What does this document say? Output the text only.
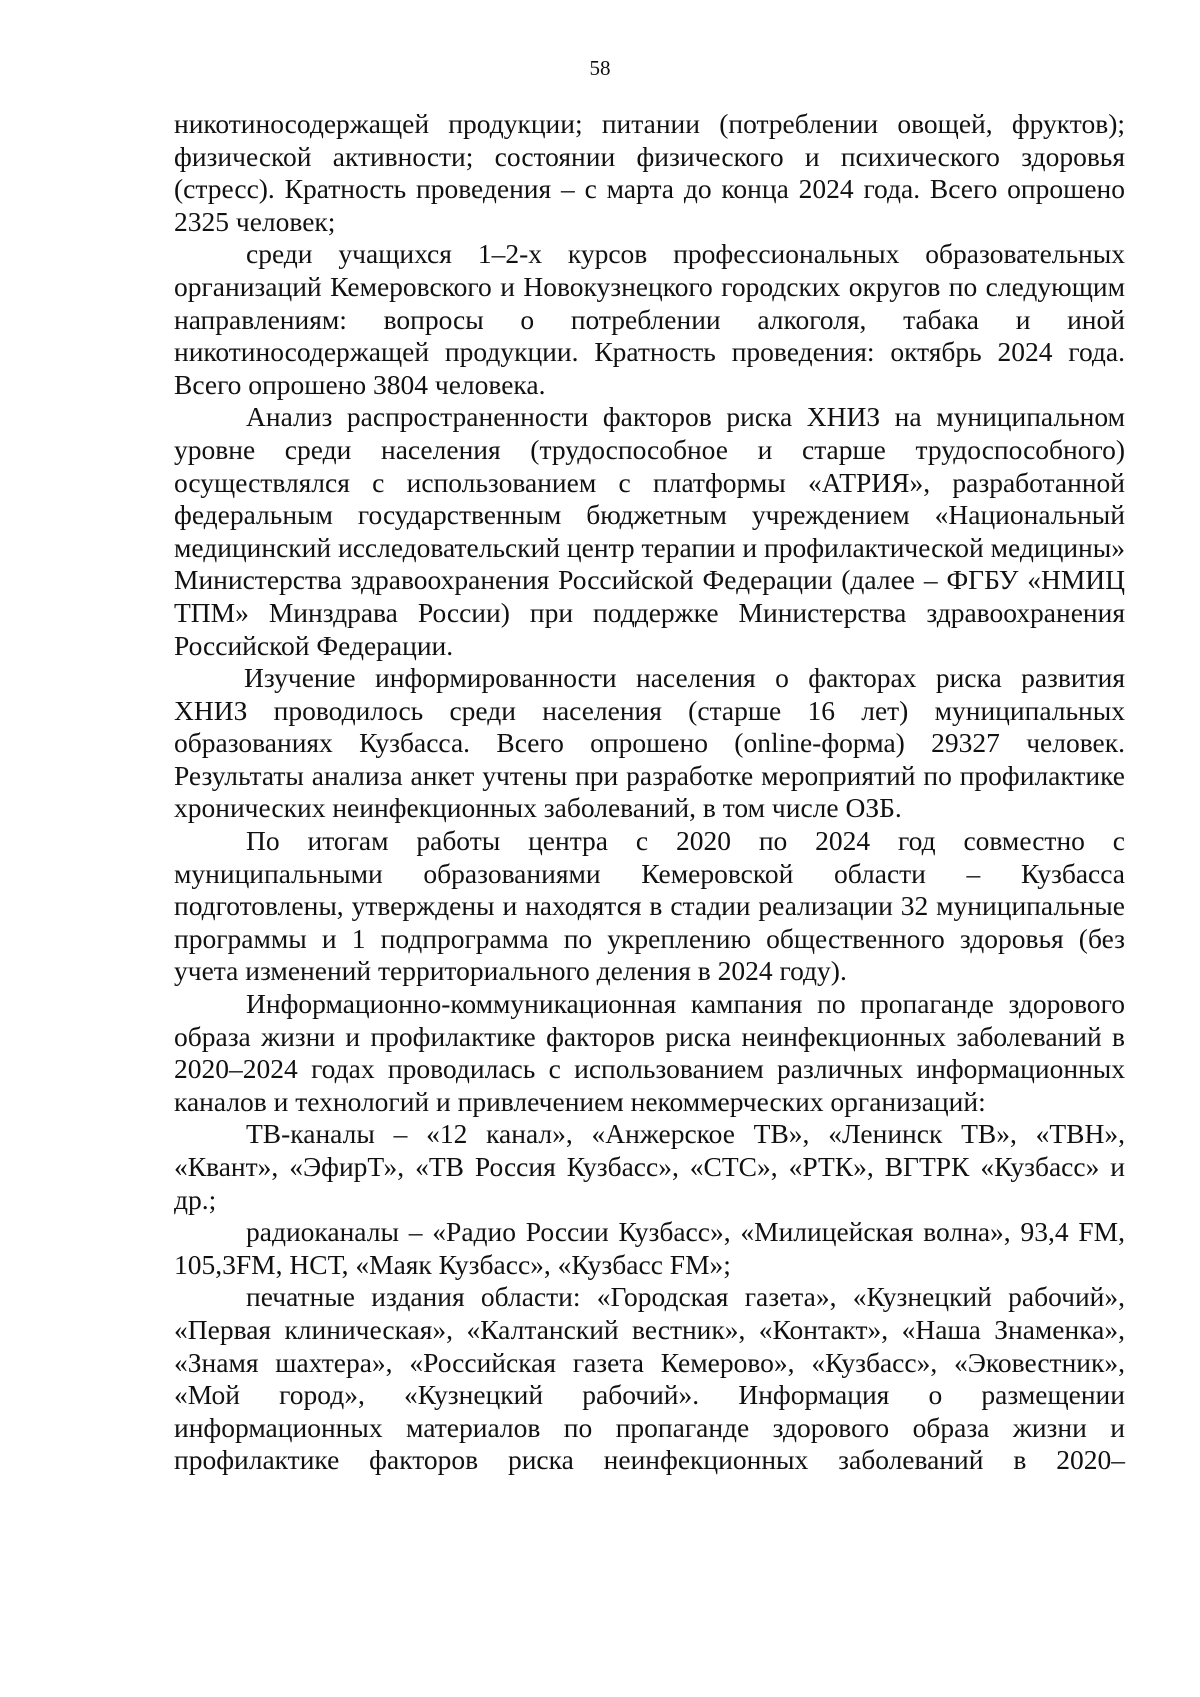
58

никотиносодержащей продукции; питании (потреблении овощей, фруктов); физической активности; состоянии физического и психического здоровья (стресс). Кратность проведения – с марта до конца 2024 года. Всего опрошено 2325 человек;

среди учащихся 1–2-х курсов профессиональных образовательных организаций Кемеровского и Новокузнецкого городских округов по следующим направлениям: вопросы о потреблении алкоголя, табака и иной никотиносодержащей продукции. Кратность проведения: октябрь 2024 года. Всего опрошено 3804 человека.

Анализ распространенности факторов риска ХНИЗ на муниципальном уровне среди населения (трудоспособное и старше трудоспособного) осуществлялся с использованием с платформы «АТРИЯ», разработанной федеральным государственным бюджетным учреждением «Национальный медицинский исследовательский центр терапии и профилактической медицины» Министерства здравоохранения Российской Федерации (далее – ФГБУ «НМИЦ ТПМ» Минздрава России) при поддержке Министерства здравоохранения Российской Федерации.

Изучение информированности населения о факторах риска развития ХНИЗ проводилось среди населения (старше 16 лет) муниципальных образованиях Кузбасса. Всего опрошено (online-форма) 29327 человек. Результаты анализа анкет учтены при разработке мероприятий по профилактике хронических неинфекционных заболеваний, в том числе ОЗБ.

По итогам работы центра с 2020 по 2024 год совместно с муниципальными образованиями Кемеровской области – Кузбасса подготовлены, утверждены и находятся в стадии реализации 32 муниципальные программы и 1 подпрограмма по укреплению общественного здоровья (без учета изменений территориального деления в 2024 году).

Информационно-коммуникационная кампания по пропаганде здорового образа жизни и профилактике факторов риска неинфекционных заболеваний в 2020–2024 годах проводилась с использованием различных информационных каналов и технологий и привлечением некоммерческих организаций:

ТВ-каналы – «12 канал», «Анжерское ТВ», «Ленинск ТВ», «ТВН», «Квант», «ЭфирТ», «ТВ Россия Кузбасс», «СТС», «РТК», ВГТРК «Кузбасс» и др.;

радиоканалы – «Радио России Кузбасс», «Милицейская волна», 93,4 FM, 105,3FM, НСТ, «Маяк Кузбасс», «Кузбасс FM»;

печатные издания области: «Городская газета», «Кузнецкий рабочий», «Первая клиническая», «Калтанский вестник», «Контакт», «Наша Знаменка», «Знамя шахтера», «Российская газета Кемерово», «Кузбасс», «Эковестник», «Мой город», «Кузнецкий рабочий». Информация о размещении информационных материалов по пропаганде здорового образа жизни и профилактике факторов риска неинфекционных заболеваний в 2020–
